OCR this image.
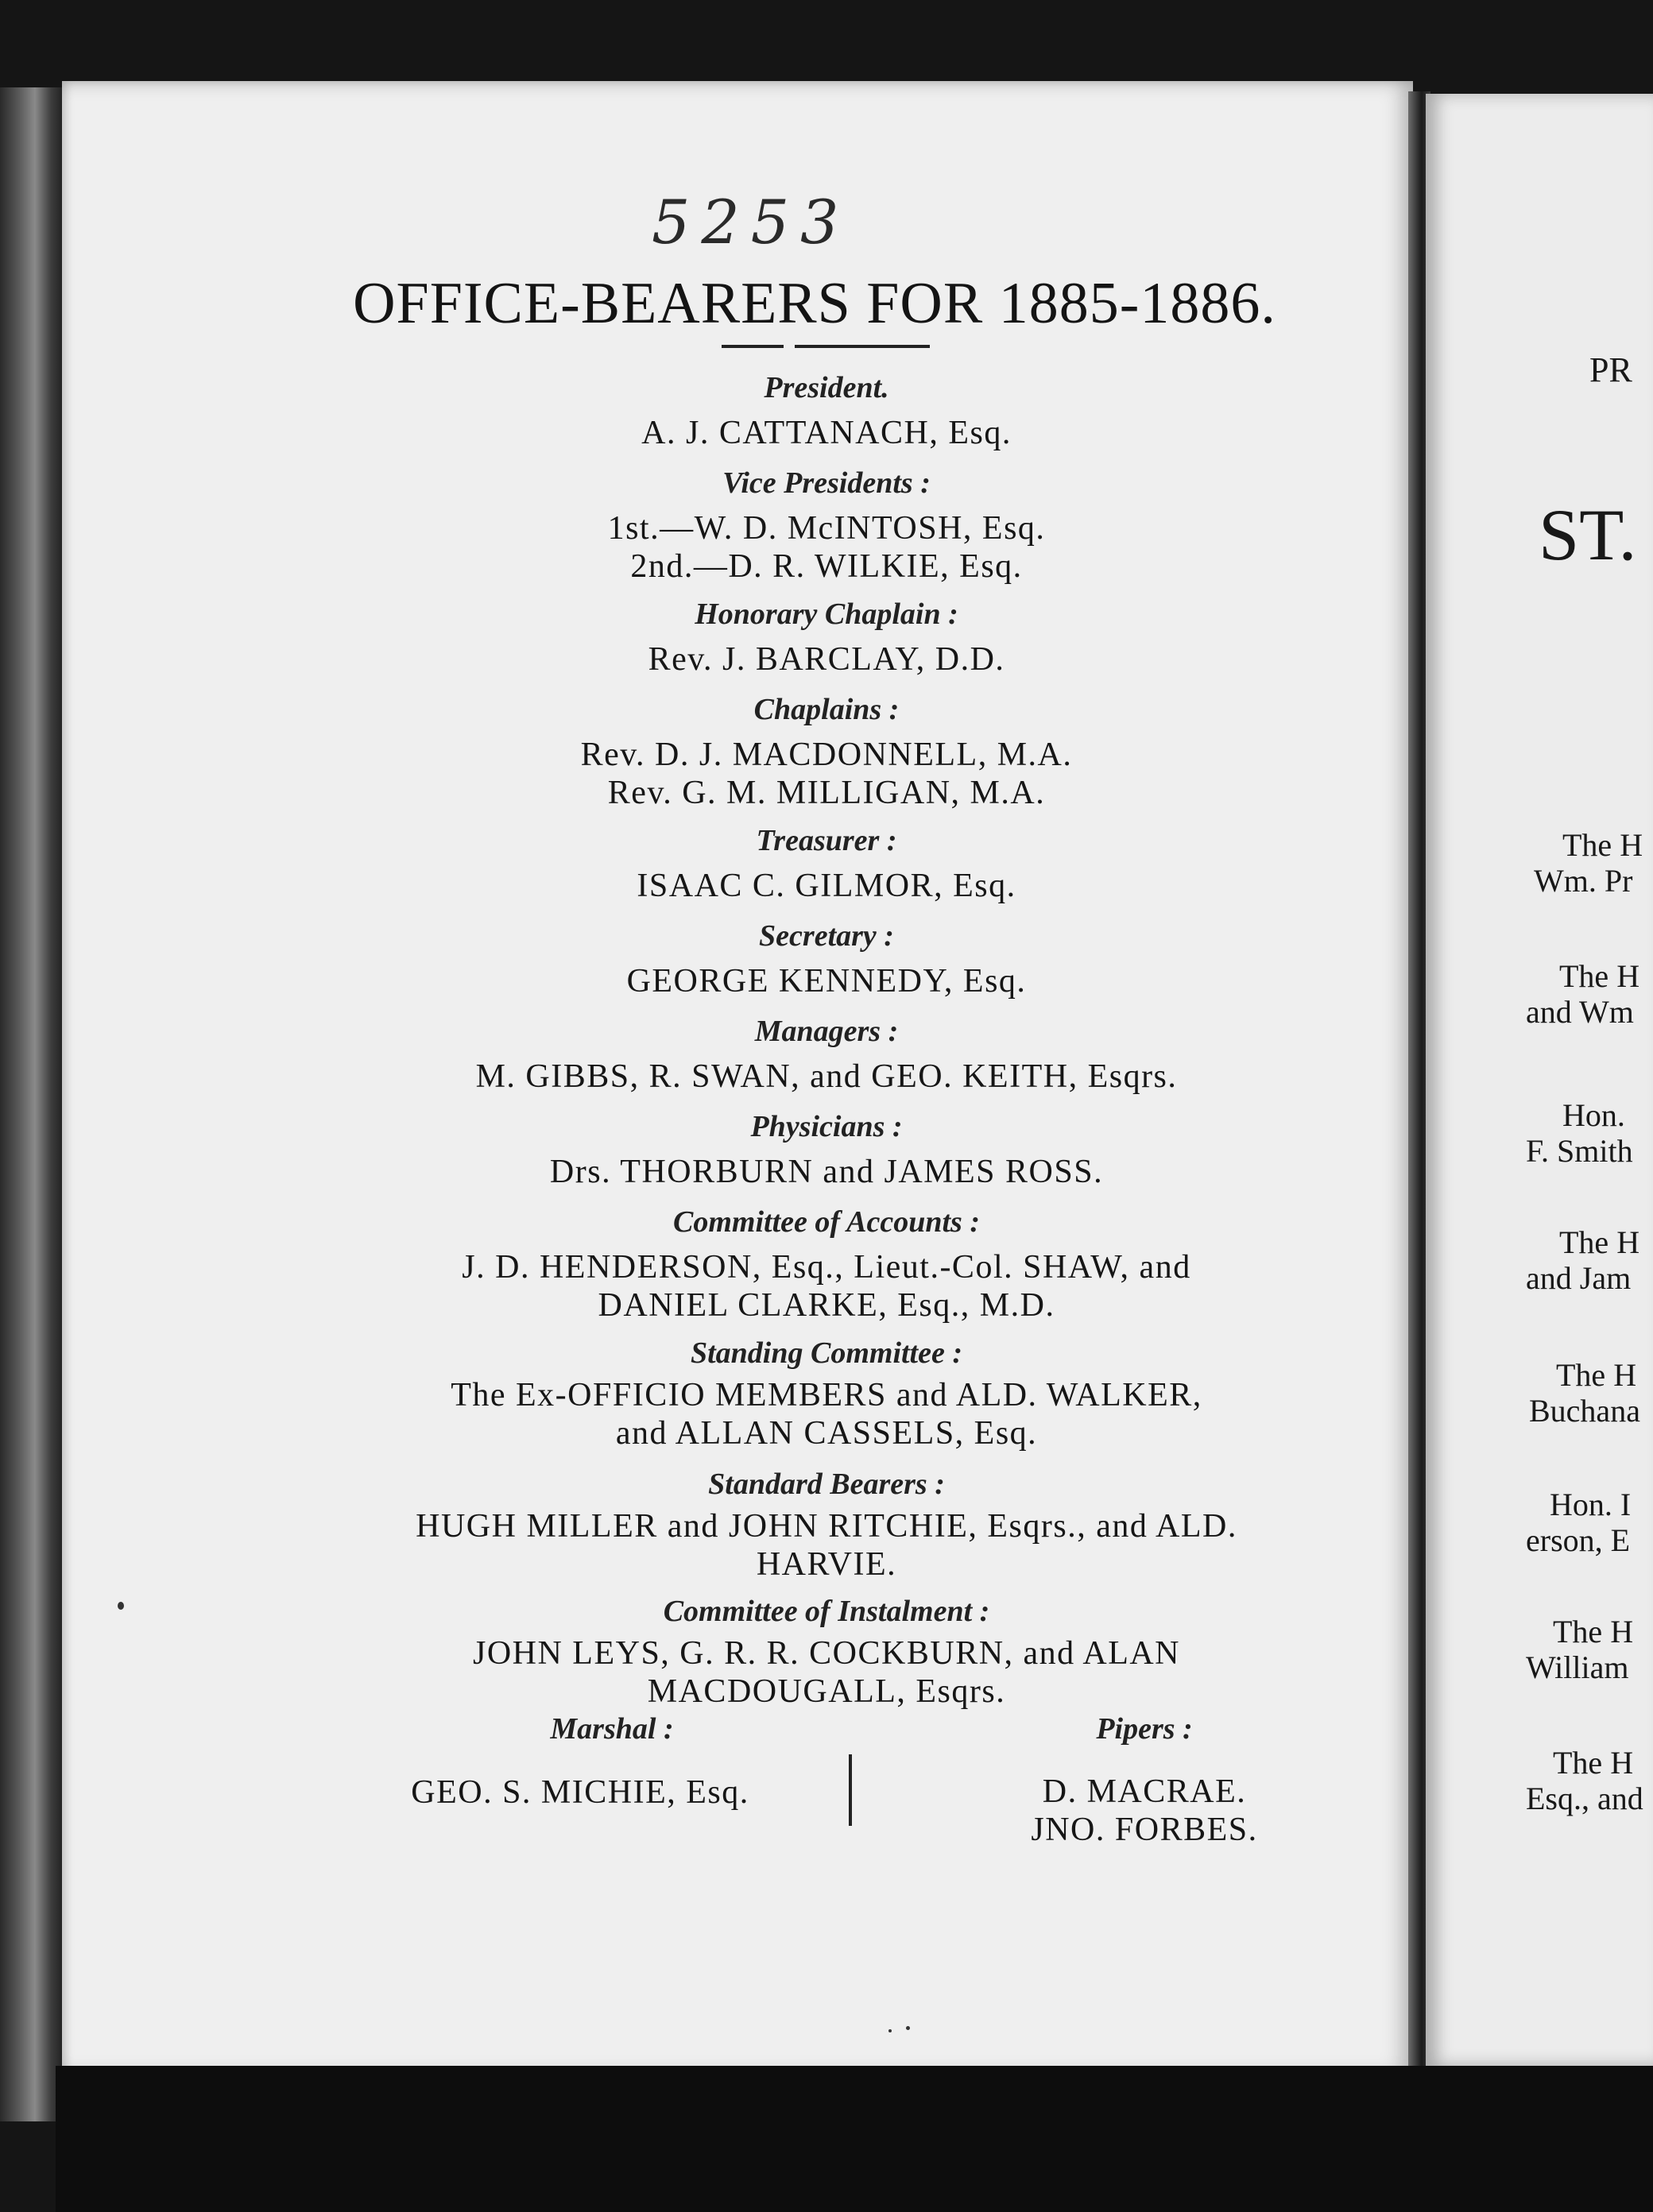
5253
OFFICE-BEARERS FOR 1885-1886.
President.
A. J. CATTANACH, Esq.
Vice Presidents :
1st.—W. D. McINTOSH, Esq.
2nd.—D. R. WILKIE, Esq.
Honorary Chaplain :
Rev. J. BARCLAY, D.D.
Chaplains :
Rev. D. J. MACDONNELL, M.A.
Rev. G. M. MILLIGAN, M.A.
Treasurer :
ISAAC C. GILMOR, Esq.
Secretary :
GEORGE KENNEDY, Esq.
Managers :
M. GIBBS, R. SWAN, and GEO. KEITH, Esqrs.
Physicians :
Drs. THORBURN and JAMES ROSS.
Committee of Accounts :
J. D. HENDERSON, Esq., Lieut.-Col. SHAW, and
DANIEL CLARKE, Esq., M.D.
Standing Committee :
The Ex-OFFICIO MEMBERS and ALD. WALKER,
and ALLAN CASSELS, Esq.
Standard Bearers :
HUGH MILLER and JOHN RITCHIE, Esqrs., and ALD.
HARVIE.
Committee of Instalment :
JOHN LEYS, G. R. R. COCKBURN, and ALAN
MACDOUGALL, Esqrs.
Marshal :
GEO. S. MICHIE, Esq.
Pipers :
D. MACRAE.
JNO. FORBES.
PR
ST.
The H
Wm. Pr
The H
and Wm
Hon.
F. Smith
The H
and Jam
The H
Buchana
Hon. I
erson, E
The H
William
The H
Esq., and
